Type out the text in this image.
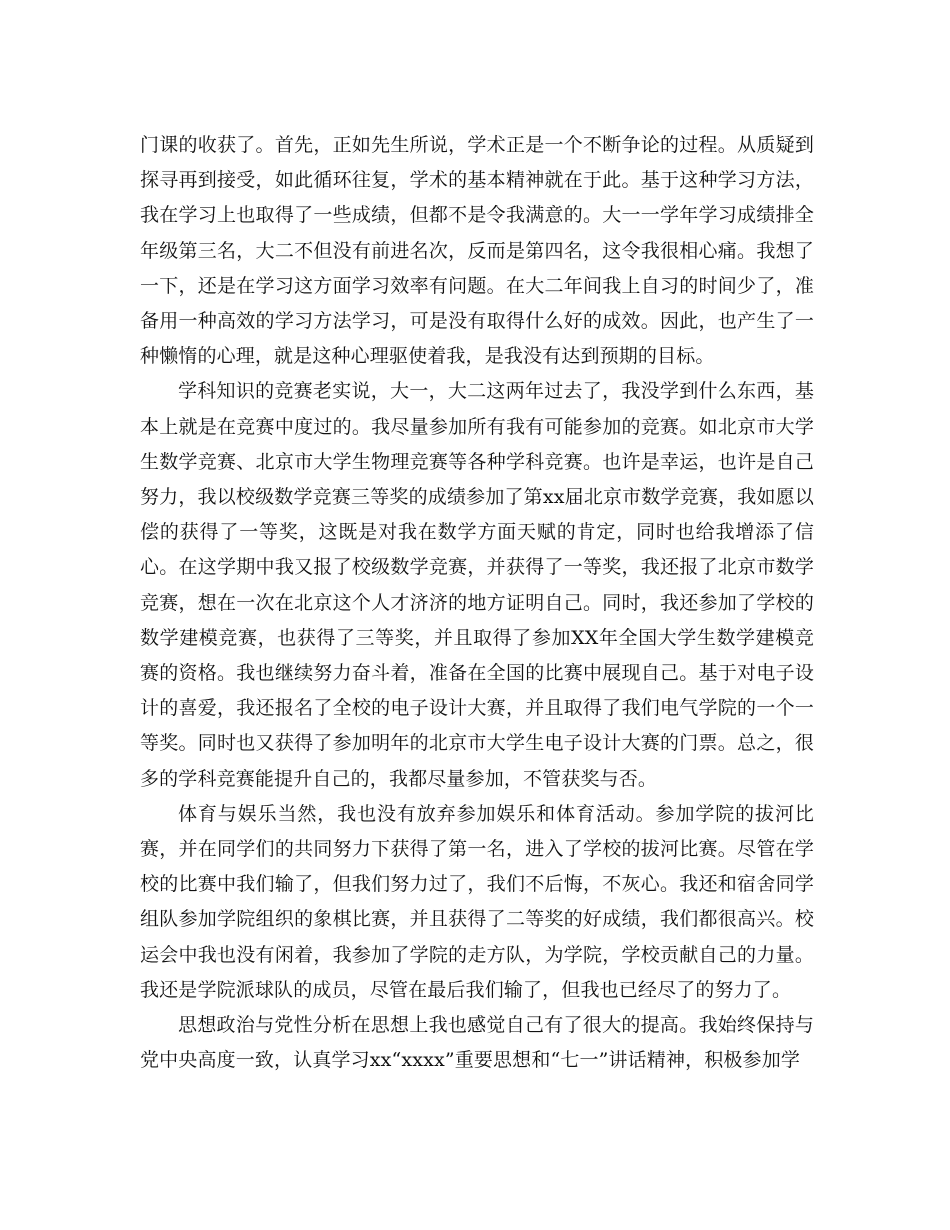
门课的收获了。首先，正如先生所说，学术正是一个不断争论的过程。从质疑到探寻再到接受，如此循环往复，学术的基本精神就在于此。基于这种学习方法，我在学习上也取得了一些成绩，但都不是令我满意的。大一一学年学习成绩排全年级第三名，大二不但没有前进名次，反而是第四名，这令我很相心痛。我想了一下，还是在学习这方面学习效率有问题。在大二年间我上自习的时间少了，准备用一种高效的学习方法学习，可是没有取得什么好的成效。因此，也产生了一种懒惰的心理，就是这种心理驱使着我，是我没有达到预期的目标。

学科知识的竞赛老实说，大一，大二这两年过去了，我没学到什么东西，基本上就是在竞赛中度过的。我尽量参加所有我有可能参加的竞赛。如北京市大学生数学竞赛、北京市大学生物理竞赛等各种学科竞赛。也许是幸运，也许是自己努力，我以校级数学竞赛三等奖的成绩参加了第xx届北京市数学竞赛，我如愿以偿的获得了一等奖，这既是对我在数学方面天赋的肯定，同时也给我增添了信心。在这学期中我又报了校级数学竞赛，并获得了一等奖，我还报了北京市数学竞赛，想在一次在北京这个人才济济的地方证明自己。同时，我还参加了学校的数学建模竞赛，也获得了三等奖，并且取得了参加XX年全国大学生数学建模竞赛的资格。我也继续努力奋斗着，准备在全国的比赛中展现自己。基于对电子设计的喜爱，我还报名了全校的电子设计大赛，并且取得了我们电气学院的一个一等奖。同时也又获得了参加明年的北京市大学生电子设计大赛的门票。总之，很多的学科竞赛能提升自己的，我都尽量参加，不管获奖与否。

体育与娱乐当然，我也没有放弃参加娱乐和体育活动。参加学院的拔河比赛，并在同学们的共同努力下获得了第一名，进入了学校的拔河比赛。尽管在学校的比赛中我们输了，但我们努力过了，我们不后悔，不灰心。我还和宿舍同学组队参加学院组织的象棋比赛，并且获得了二等奖的好成绩，我们都很高兴。校运会中我也没有闲着，我参加了学院的走方队，为学院，学校贡献自己的力量。我还是学院派球队的成员，尽管在最后我们输了，但我也已经尽了的努力了。

思想政治与党性分析在思想上我也感觉自己有了很大的提高。我始终保持与党中央高度一致，认真学习xx“xxxx”重要思想和“七一”讲话精神，积极参加学
